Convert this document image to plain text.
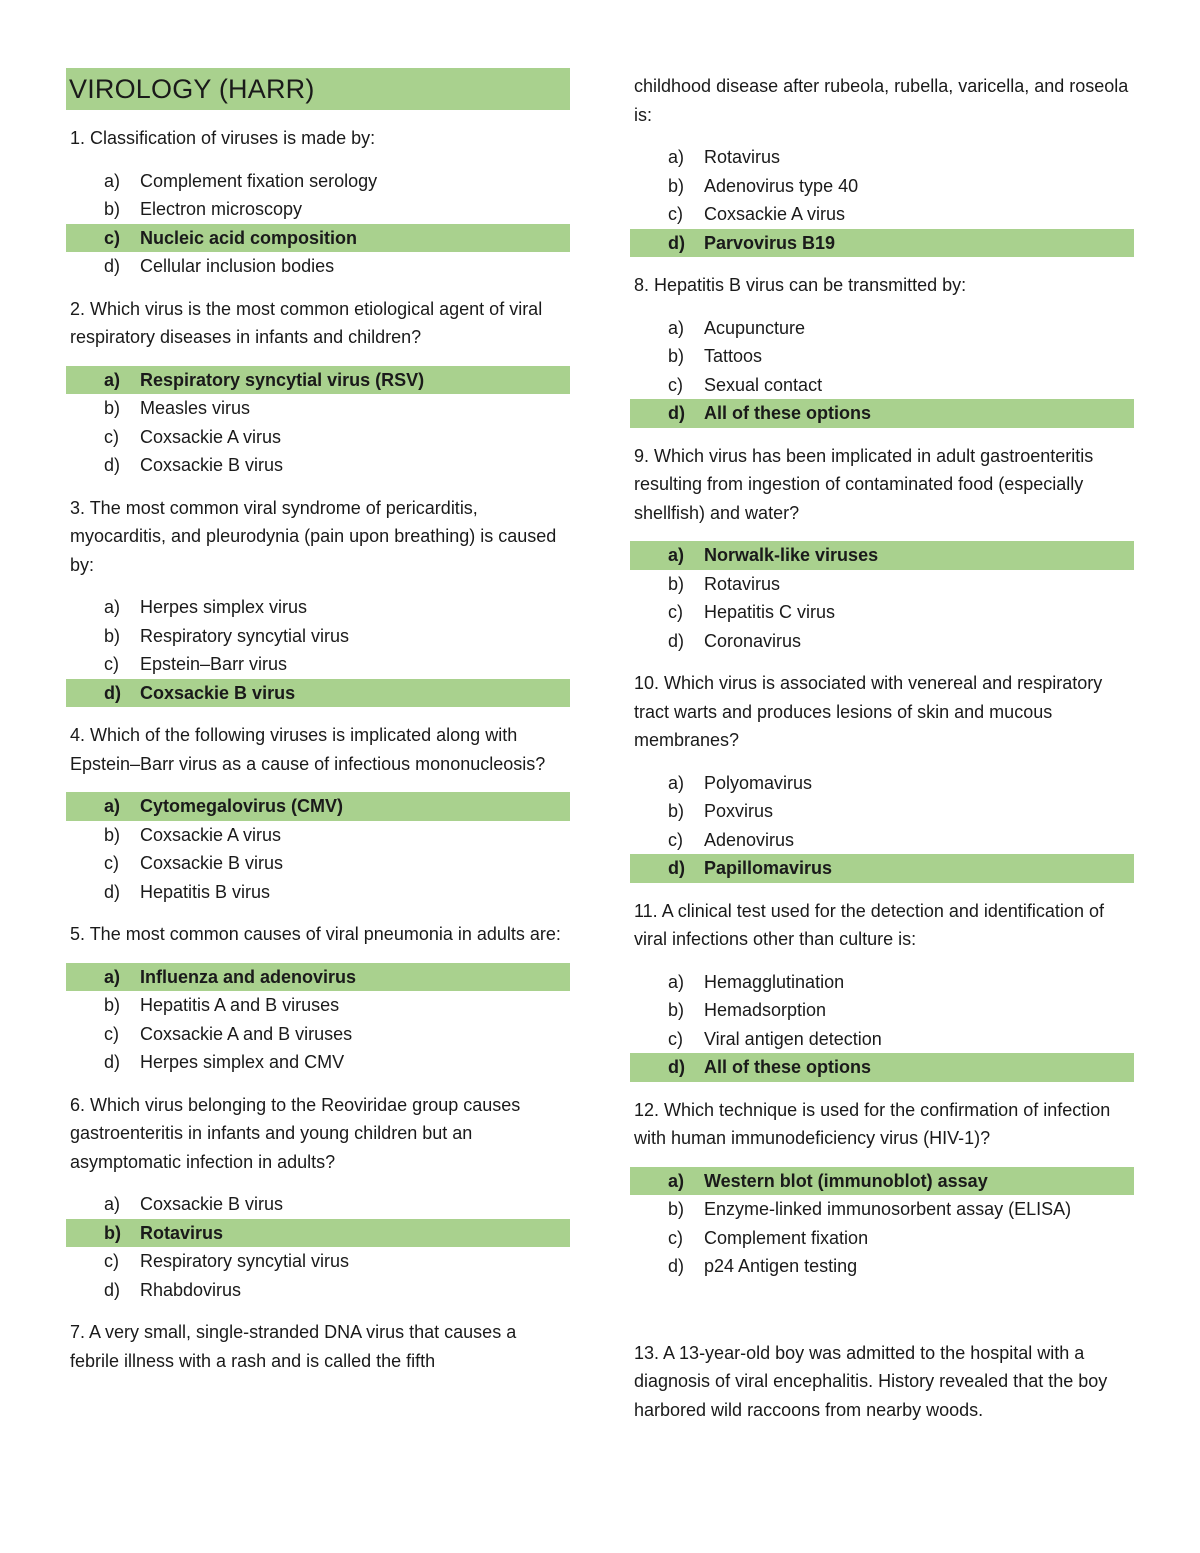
VIROLOGY (HARR)

1. Classification of viruses is made by:

a)	Complement fixation serology
b)	Electron microscopy
c)	Nucleic acid composition
d)	Cellular inclusion bodies

2. Which virus is the most common etiological agent of viral respiratory diseases in infants and children?

a)	Respiratory syncytial virus (RSV)
b)	Measles virus
c)	Coxsackie A virus
d)	Coxsackie B virus

3. The most common viral syndrome of pericarditis, myocarditis, and pleurodynia (pain upon breathing) is caused by:

a)	Herpes simplex virus
b)	Respiratory syncytial virus
c)	Epstein–Barr virus
d)	Coxsackie B virus

4. Which of the following viruses is implicated along with Epstein–Barr virus as a cause of infectious mononucleosis?

a)	Cytomegalovirus (CMV)
b)	Coxsackie A virus
c)	Coxsackie B virus
d)	Hepatitis B virus

5. The most common causes of viral pneumonia in adults are:

a)	Influenza and adenovirus
b)	Hepatitis A and B viruses
c)	Coxsackie A and B viruses
d)	Herpes simplex and CMV

6. Which virus belonging to the Reoviridae group causes gastroenteritis in infants and young children but an asymptomatic infection in adults?

a)	Coxsackie B virus
b)	Rotavirus
c)	Respiratory syncytial virus
d)	Rhabdovirus

7. A very small, single-stranded DNA virus that causes a febrile illness with a rash and is called the fifth

childhood disease after rubeola, rubella, varicella, and roseola is:

a)	Rotavirus
b)	Adenovirus type 40
c)	Coxsackie A virus
d)	Parvovirus B19

8. Hepatitis B virus can be transmitted by:

a)	Acupuncture
b)	Tattoos
c)	Sexual contact
d)	All of these options

9. Which virus has been implicated in adult gastroenteritis resulting from ingestion of contaminated food (especially shellfish) and water?

a)	Norwalk-like viruses
b)	Rotavirus
c)	Hepatitis C virus
d)	Coronavirus

10. Which virus is associated with venereal and respiratory tract warts and produces lesions of skin and mucous membranes?

a)	Polyomavirus
b)	Poxvirus
c)	Adenovirus
d)	Papillomavirus

11. A clinical test used for the detection and identification of viral infections other than culture is:

a)	Hemagglutination
b)	Hemadsorption
c)	Viral antigen detection
d)	All of these options

12. Which technique is used for the confirmation of infection with human immunodeficiency virus (HIV-1)?

a)	Western blot (immunoblot) assay
b)	Enzyme-linked immunosorbent assay (ELISA)
c)	Complement fixation
d)	p24 Antigen testing

13. A 13-year-old boy was admitted to the hospital with a diagnosis of viral encephalitis. History revealed that the boy harbored wild raccoons from nearby woods.
